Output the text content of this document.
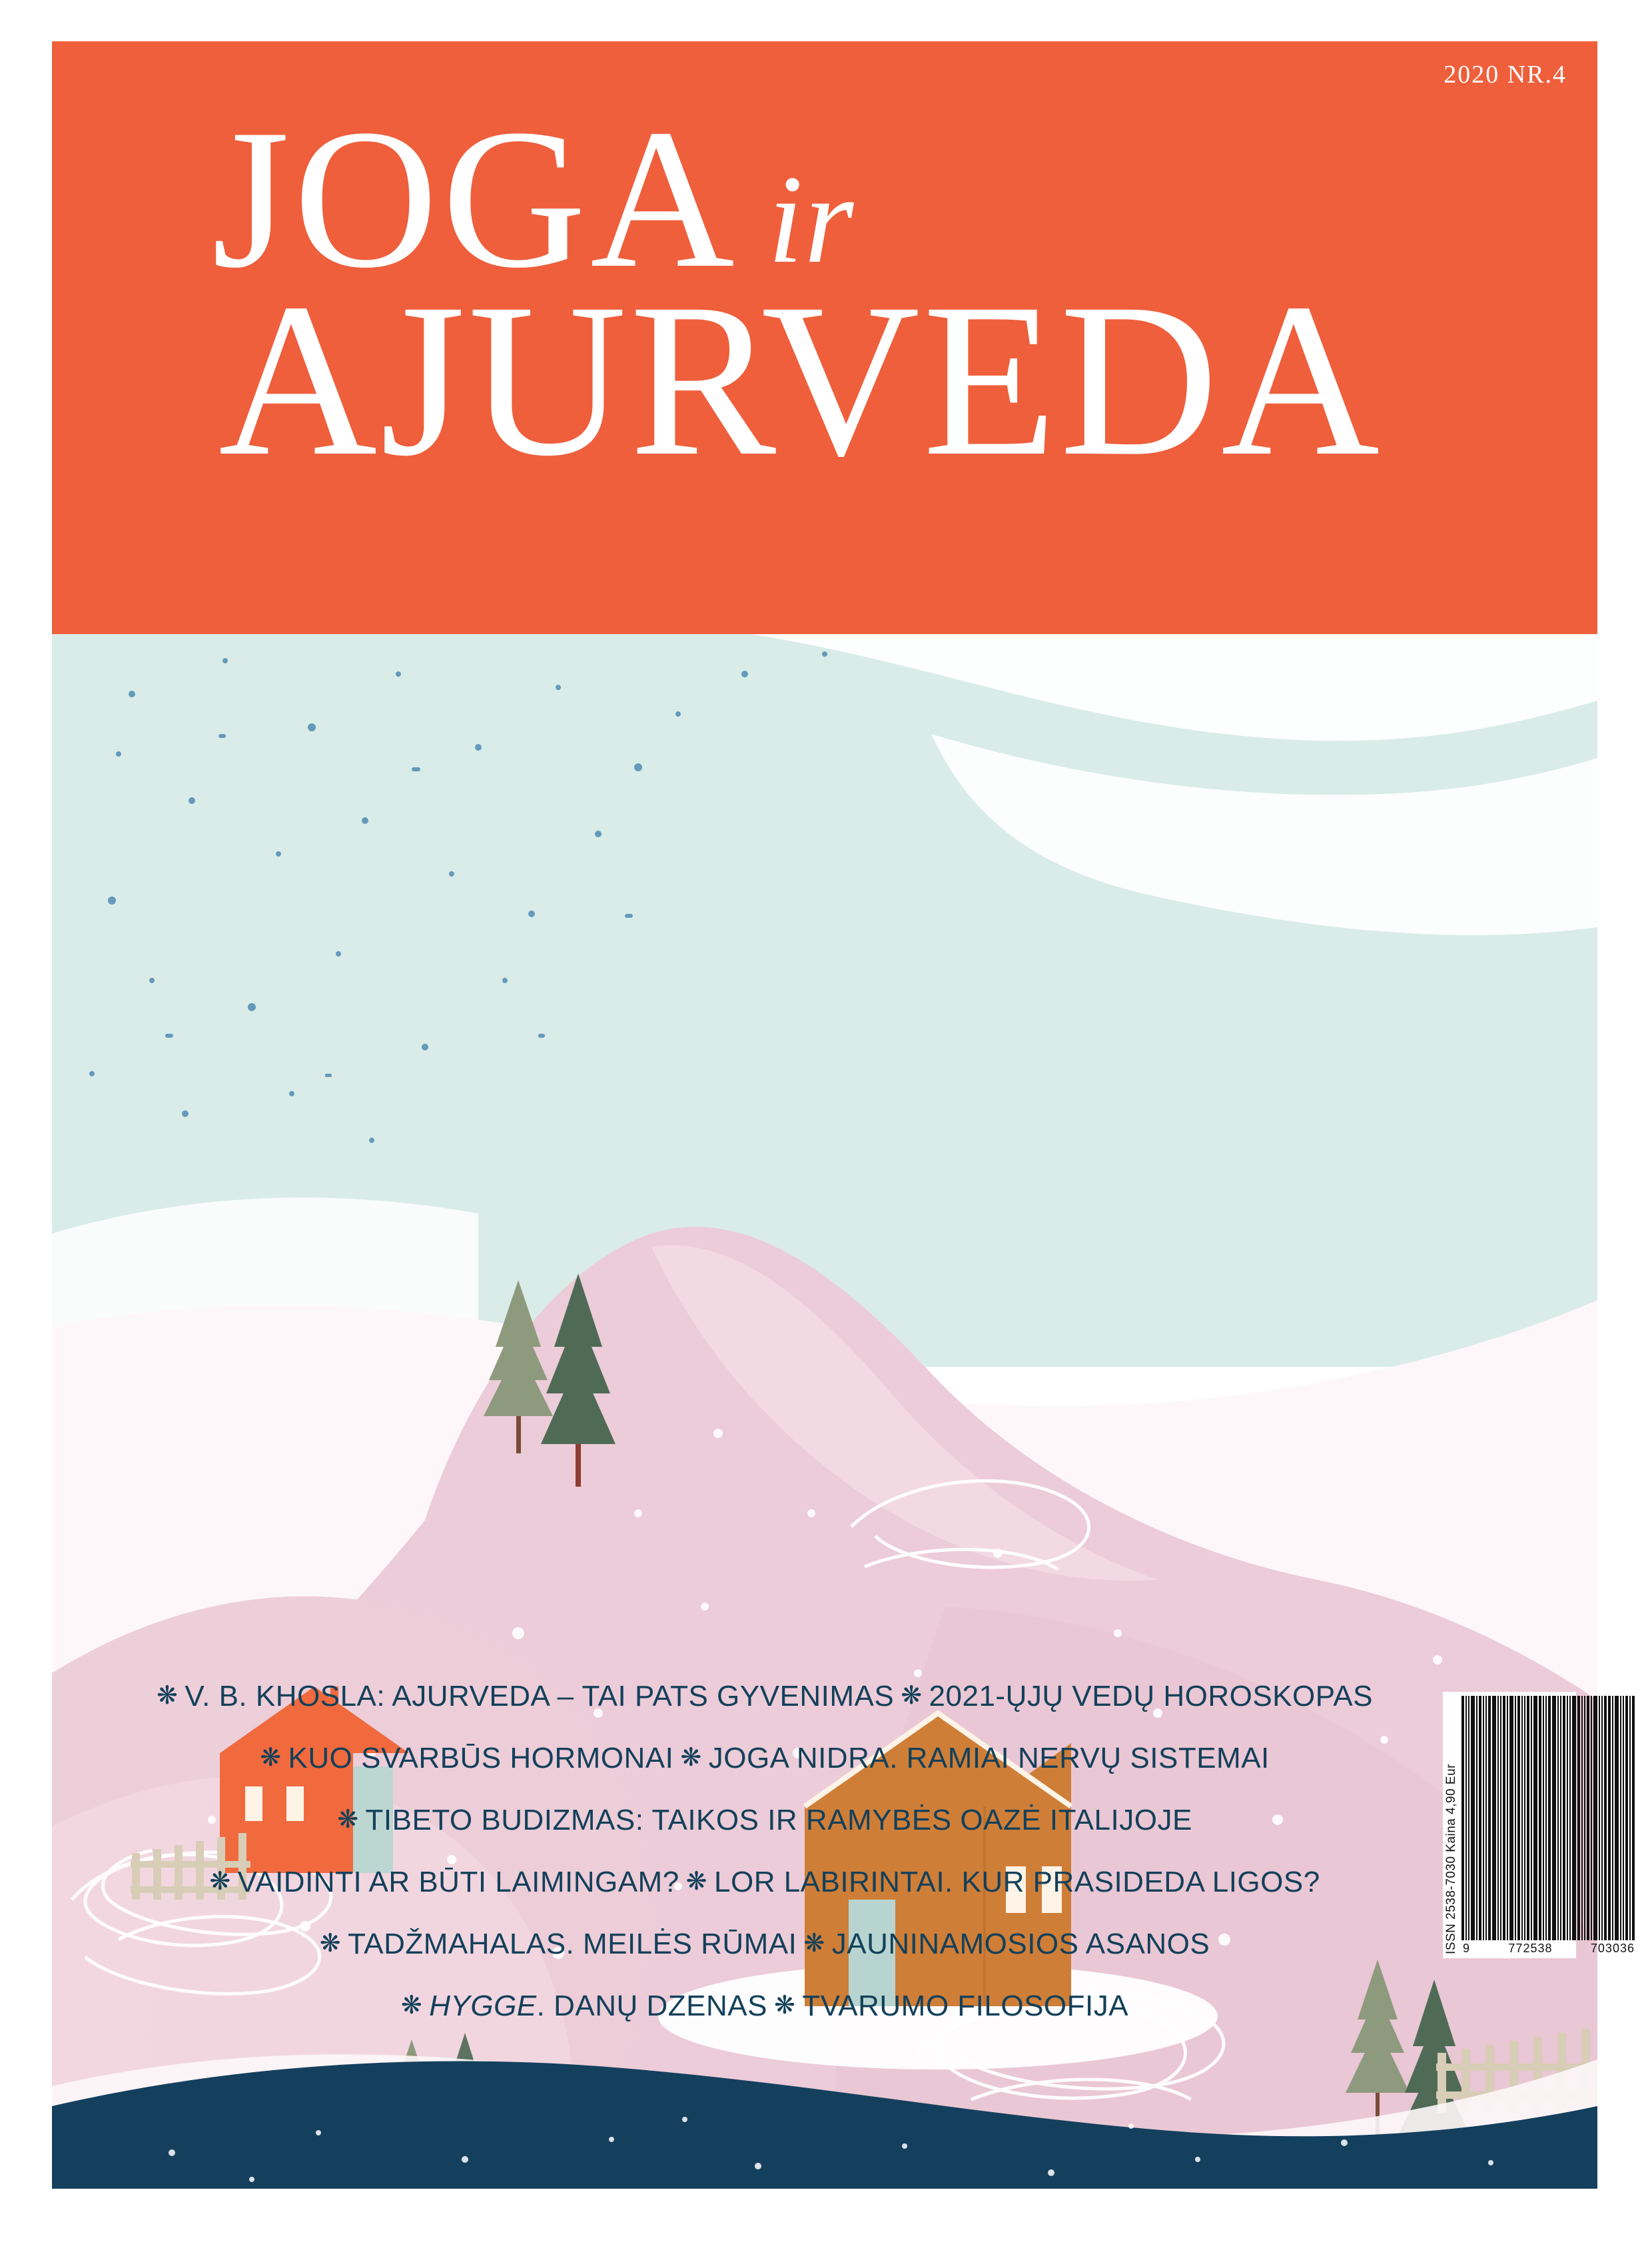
2020 NR.4
JOGA ir
AJURVEDA
❋ V. B. KHOSLA: AJURVEDA – TAI PATS GYVENIMAS ❋ 2021-ŲJŲ VEDŲ HOROSKOPAS
❋ KUO SVARBŪS HORMONAI ❋ JOGA NIDRA. RAMIAI NERVŲ SISTEMAI
❋ TIBETO BUDIZMAS: TAIKOS IR RAMYBĖS OAZĖ ITALIJOJE
❋ VAIDINTI AR BŪTI LAIMINGAM? ❋ LOR LABIRINTAI. KUR PRASIDEDA LIGOS?
❋ TADŽMAHALAS. MEILĖS RŪMAI ❋ JAUNINAMOSIOS ASANOS
❋ HYGGE. DANŲ DZENAS ❋ TVARUMO FILOSOFIJA
ISSN 2538-7030 Kaina 4,90 Eur 9	772538	703036
